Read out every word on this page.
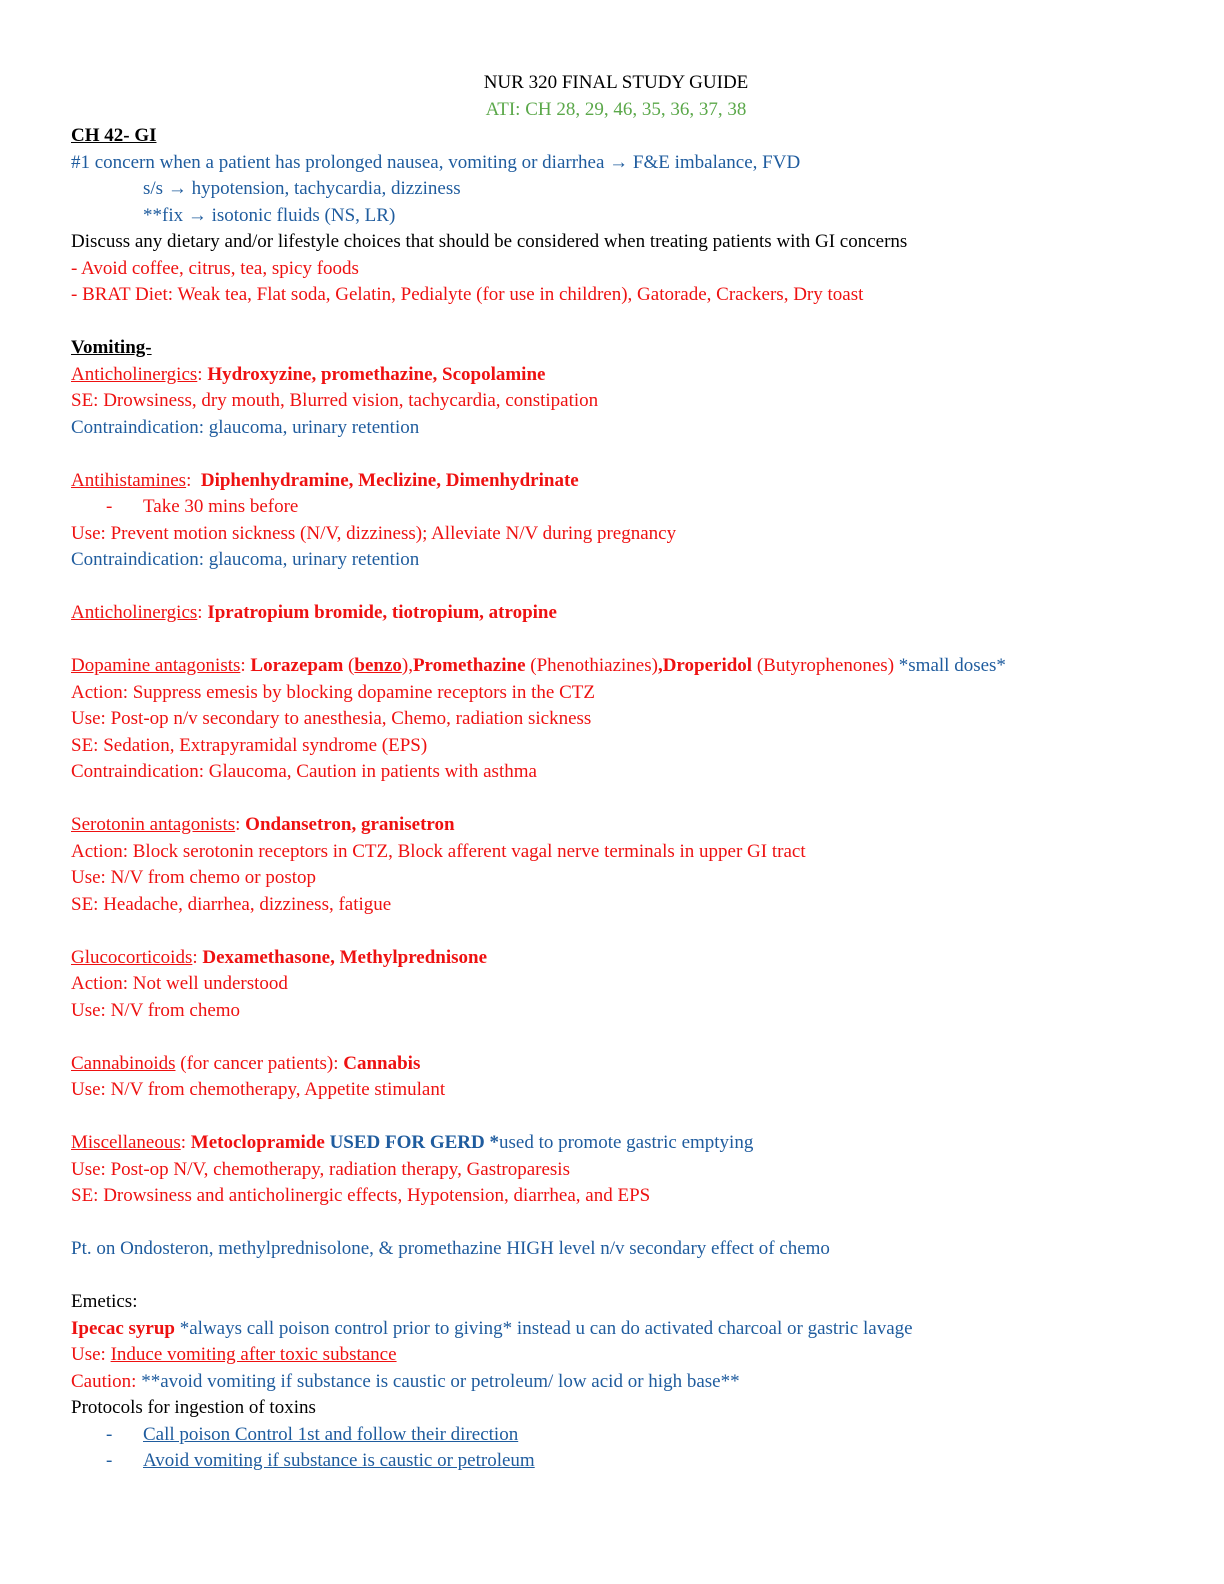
NUR 320 FINAL STUDY GUIDE
ATI: CH 28, 29, 46, 35, 36, 37, 38
CH 42- GI
#1 concern when a patient has prolonged nausea, vomiting or diarrhea → F&E imbalance, FVD
s/s → hypotension, tachycardia, dizziness
**fix → isotonic fluids (NS, LR)
Discuss any dietary and/or lifestyle choices that should be considered when treating patients with GI concerns
- Avoid coffee, citrus, tea, spicy foods
- BRAT Diet: Weak tea, Flat soda, Gelatin, Pedialyte (for use in children), Gatorade, Crackers, Dry toast
Vomiting-
Anticholinergics: Hydroxyzine, promethazine, Scopolamine
SE: Drowsiness, dry mouth, Blurred vision, tachycardia, constipation
Contraindication: glaucoma, urinary retention
Antihistamines:  Diphenhydramine, Meclizine, Dimenhydrinate
- Take 30 mins before
Use: Prevent motion sickness (N/V, dizziness); Alleviate N/V during pregnancy
Contraindication: glaucoma, urinary retention
Anticholinergics: Ipratropium bromide, tiotropium, atropine
Dopamine antagonists: Lorazepam (benzo),Promethazine (Phenothiazines),Droperidol (Butyrophenones) *small doses*
Action: Suppress emesis by blocking dopamine receptors in the CTZ
Use: Post-op n/v secondary to anesthesia, Chemo, radiation sickness
SE: Sedation, Extrapyramidal syndrome (EPS)
Contraindication: Glaucoma, Caution in patients with asthma
Serotonin antagonists: Ondansetron, granisetron
Action: Block serotonin receptors in CTZ, Block afferent vagal nerve terminals in upper GI tract
Use: N/V from chemo or postop
SE: Headache, diarrhea, dizziness, fatigue
Glucocorticoids: Dexamethasone, Methylprednisone
Action: Not well understood
Use: N/V from chemo
Cannabinoids (for cancer patients): Cannabis
Use: N/V from chemotherapy, Appetite stimulant
Miscellaneous: Metoclopramide USED FOR GERD *used to promote gastric emptying
Use: Post-op N/V, chemotherapy, radiation therapy, Gastroparesis
SE: Drowsiness and anticholinergic effects, Hypotension, diarrhea, and EPS
Pt. on Ondosteron, methylprednisolone, & promethazine HIGH level n/v secondary effect of chemo
Emetics:
Ipecac syrup *always call poison control prior to giving* instead u can do activated charcoal or gastric lavage
Use: Induce vomiting after toxic substance
Caution: **avoid vomiting if substance is caustic or petroleum/ low acid or high base**
Protocols for ingestion of toxins
- Call poison Control 1st and follow their direction
- Avoid vomiting if substance is caustic or petroleum
